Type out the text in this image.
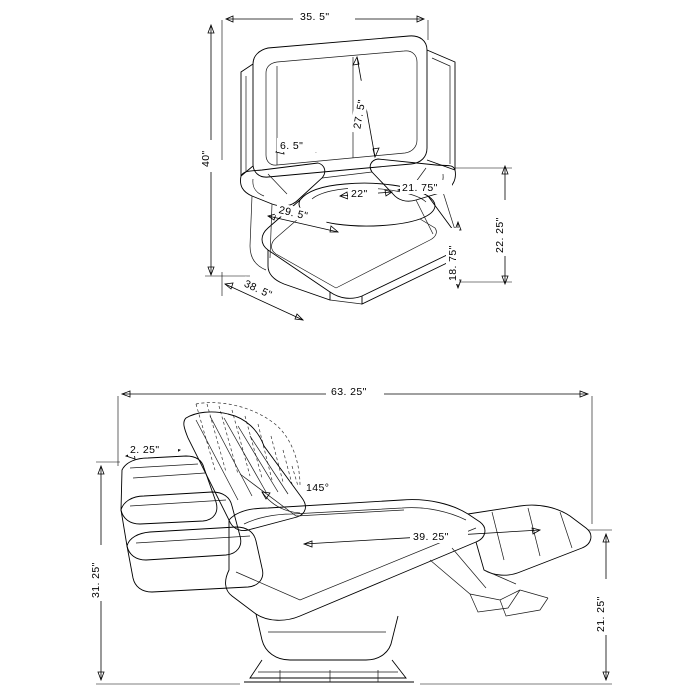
35. 5"
40"
27. 5"
6. 5"
22"	21. 75"
29. 5"
38. 5"
22. 25"
18. 75"
63. 25"
2. 25"
145°
39. 25"
31. 25"
21. 25"
